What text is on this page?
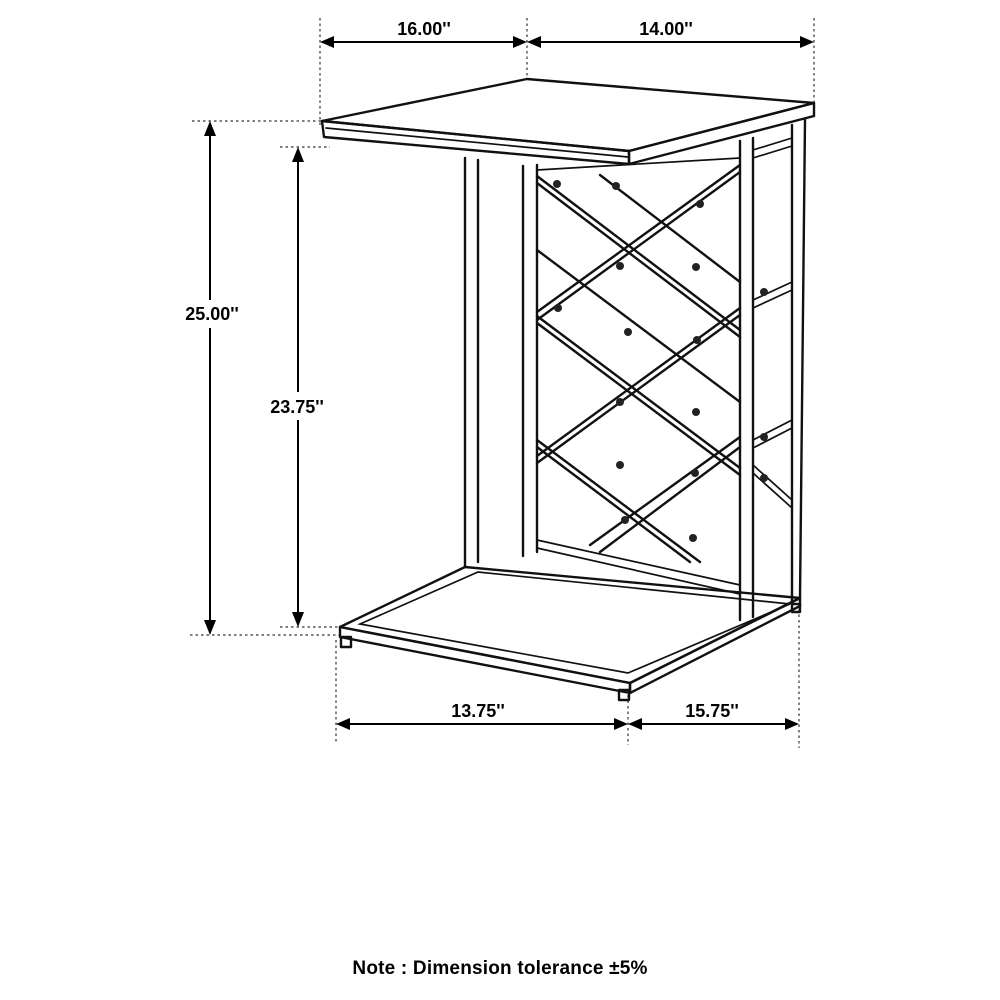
16.00''	14.00''
25.00''
23.75''
13.75''	15.75''
Note : Dimension tolerance ±5%
